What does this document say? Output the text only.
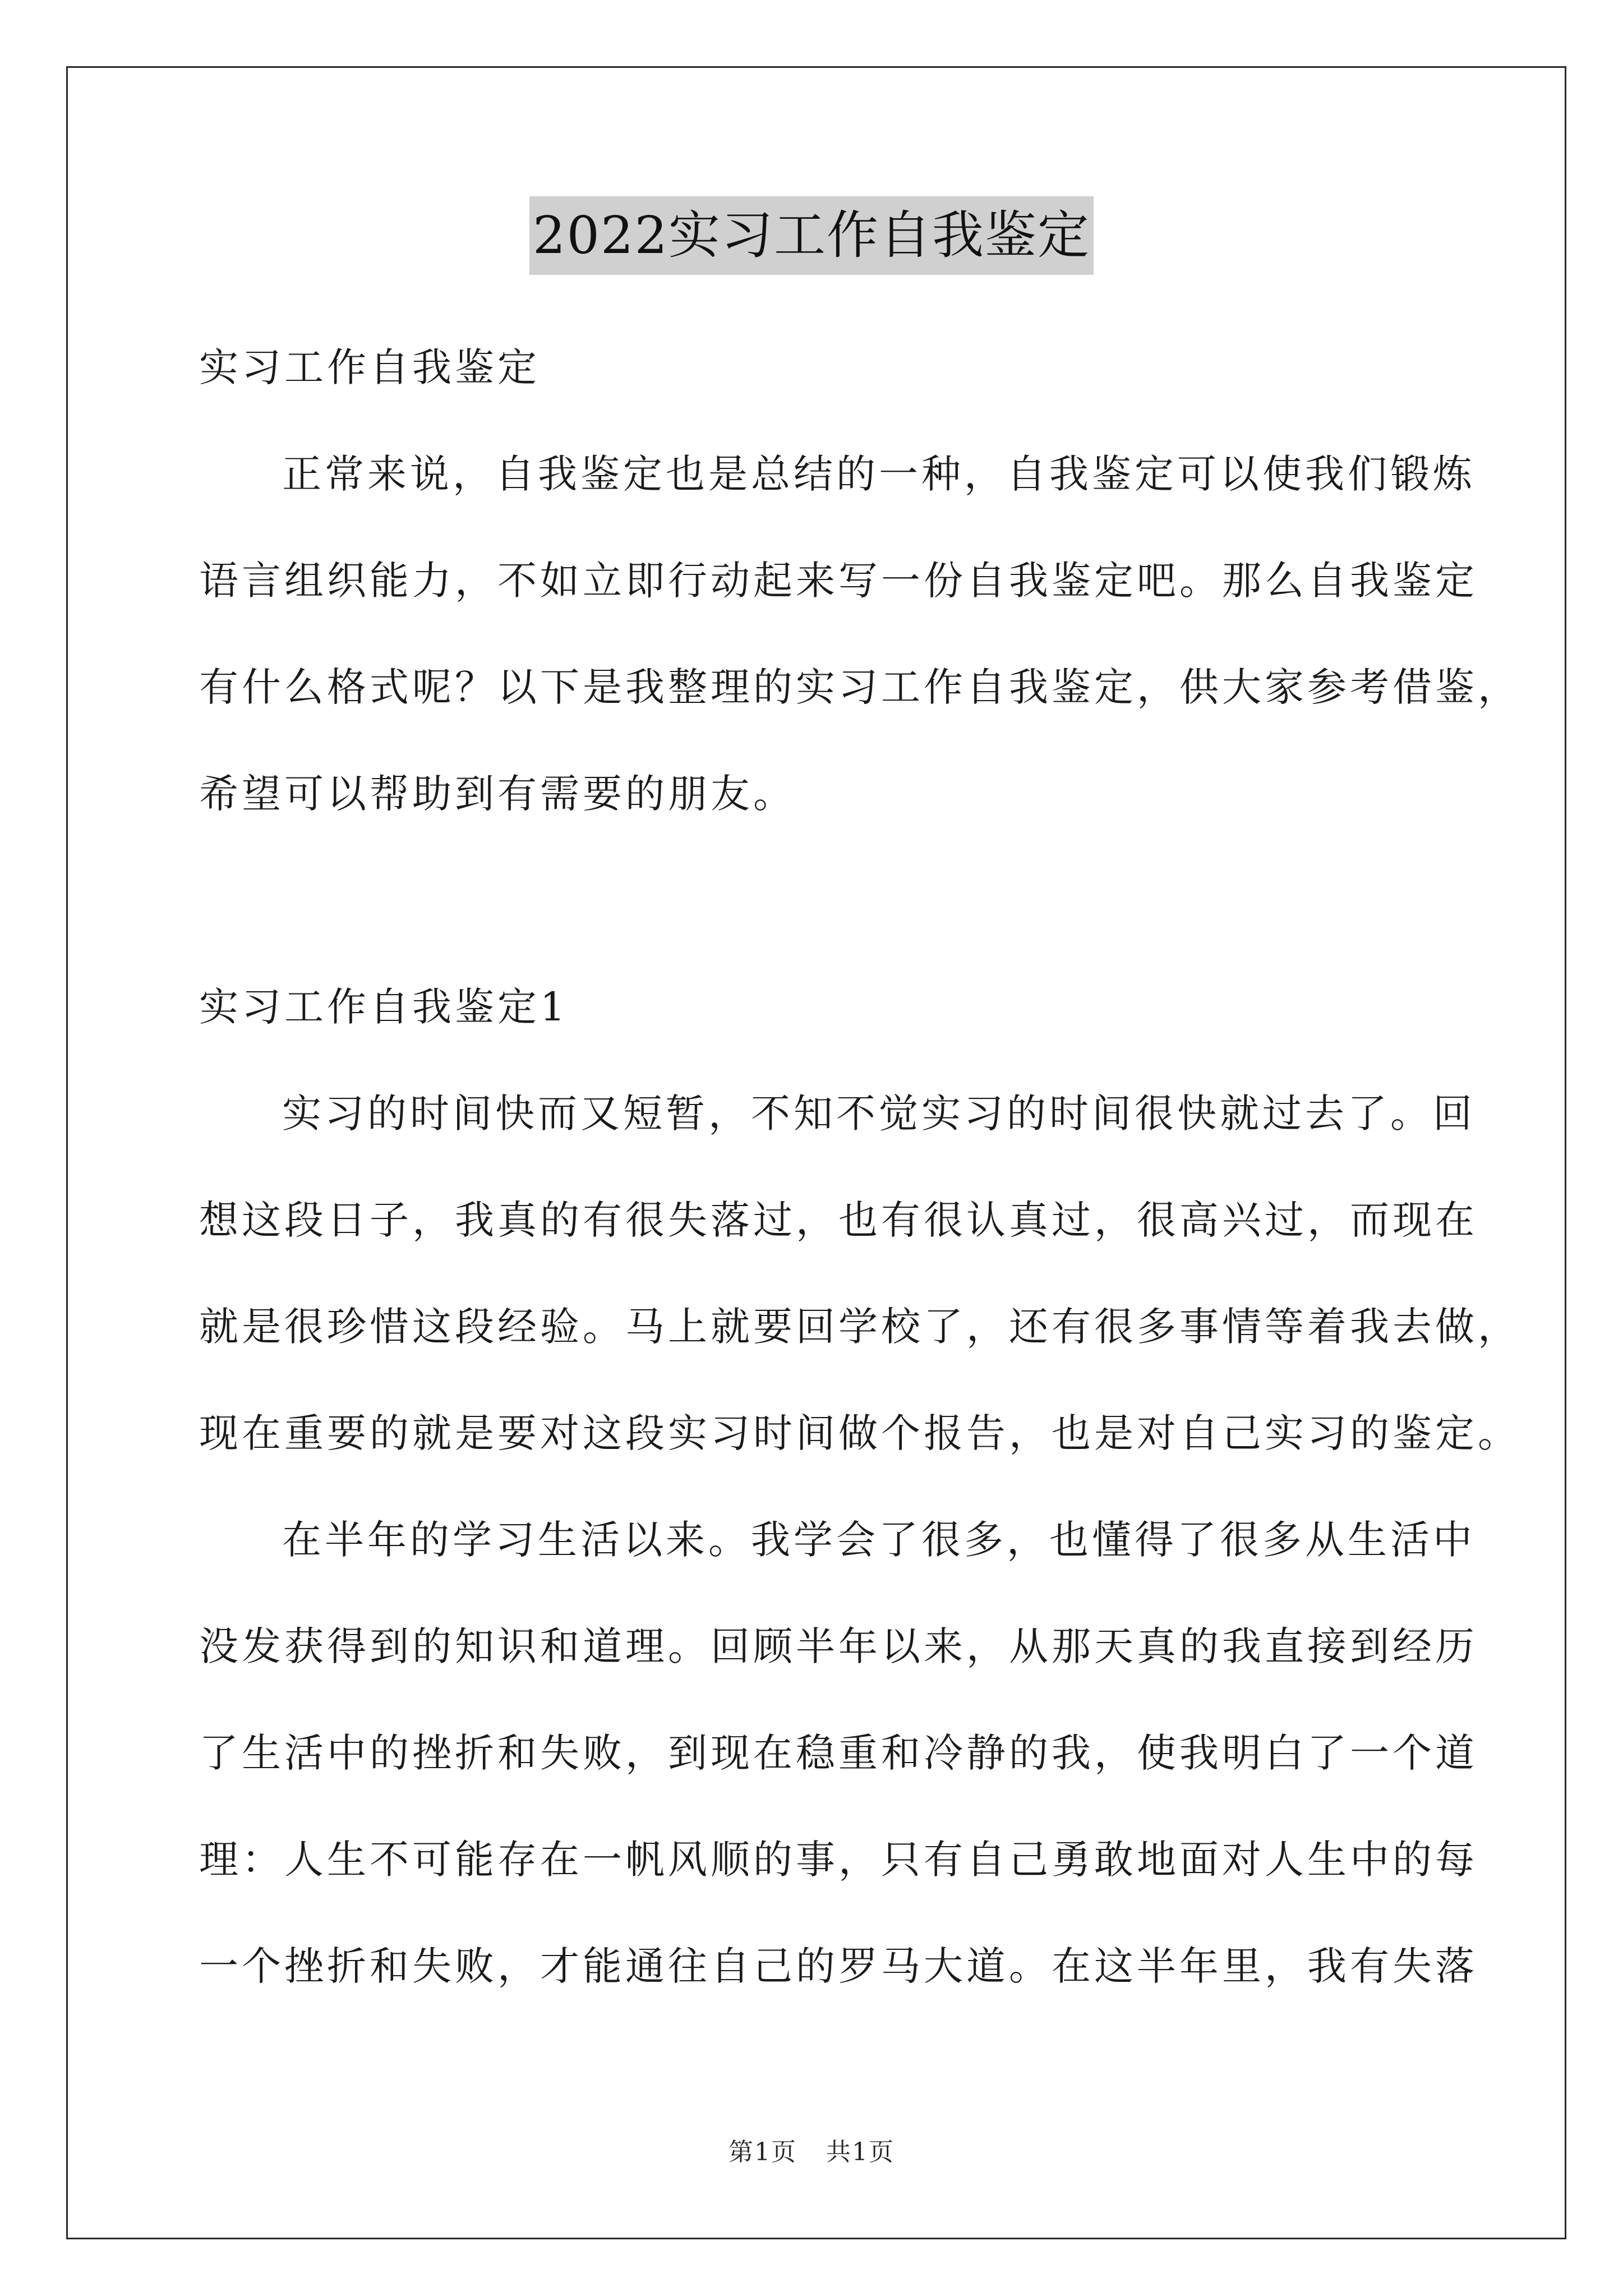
2022实习工作自我鉴定
实习工作自我鉴定
正常来说，自我鉴定也是总结的一种，自我鉴定可以使我们锻炼
语言组织能力，不如立即行动起来写一份自我鉴定吧。那么自我鉴定
有什么格式呢？以下是我整理的实习工作自我鉴定，供大家参考借鉴，
希望可以帮助到有需要的朋友。
实习工作自我鉴定1
实习的时间快而又短暂，不知不觉实习的时间很快就过去了。回
想这段日子，我真的有很失落过，也有很认真过，很高兴过，而现在
就是很珍惜这段经验。马上就要回学校了，还有很多事情等着我去做，
现在重要的就是要对这段实习时间做个报告，也是对自己实习的鉴定。
在半年的学习生活以来。我学会了很多，也懂得了很多从生活中
没发获得到的知识和道理。回顾半年以来，从那天真的我直接到经历
了生活中的挫折和失败，到现在稳重和冷静的我，使我明白了一个道
理：人生不可能存在一帆风顺的事，只有自己勇敢地面对人生中的每
一个挫折和失败，才能通往自己的罗马大道。在这半年里，我有失落
第1页 共1页
